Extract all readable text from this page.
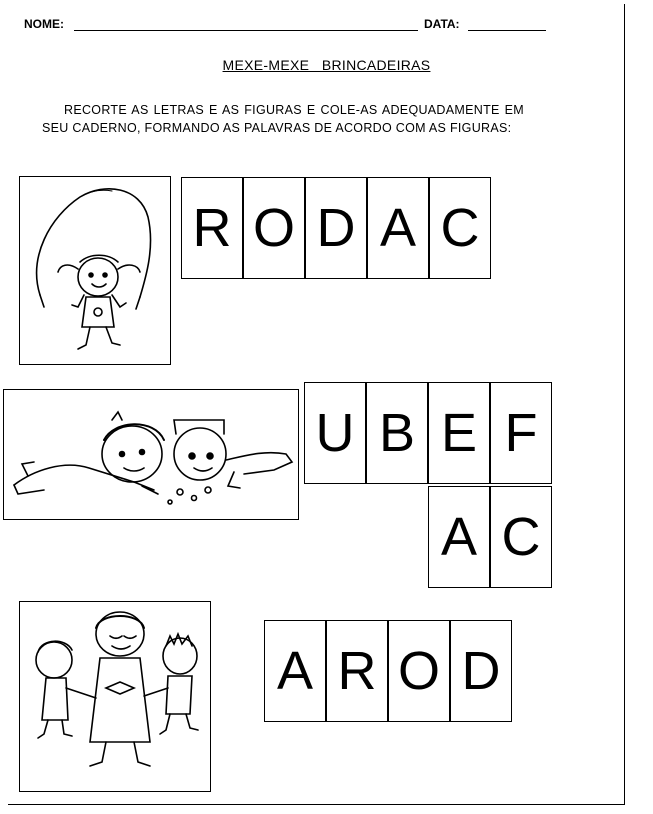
NOME:	DATA:
MEXE-MEXE   BRINCADEIRAS

RECORTE AS LETRAS E AS FIGURAS E COLE-AS ADEQUADAMENTE EM SEU CADERNO, FORMANDO AS PALAVRAS DE ACORDO COM AS FIGURAS:

R O D A C
U B E F
A C
A R O D
